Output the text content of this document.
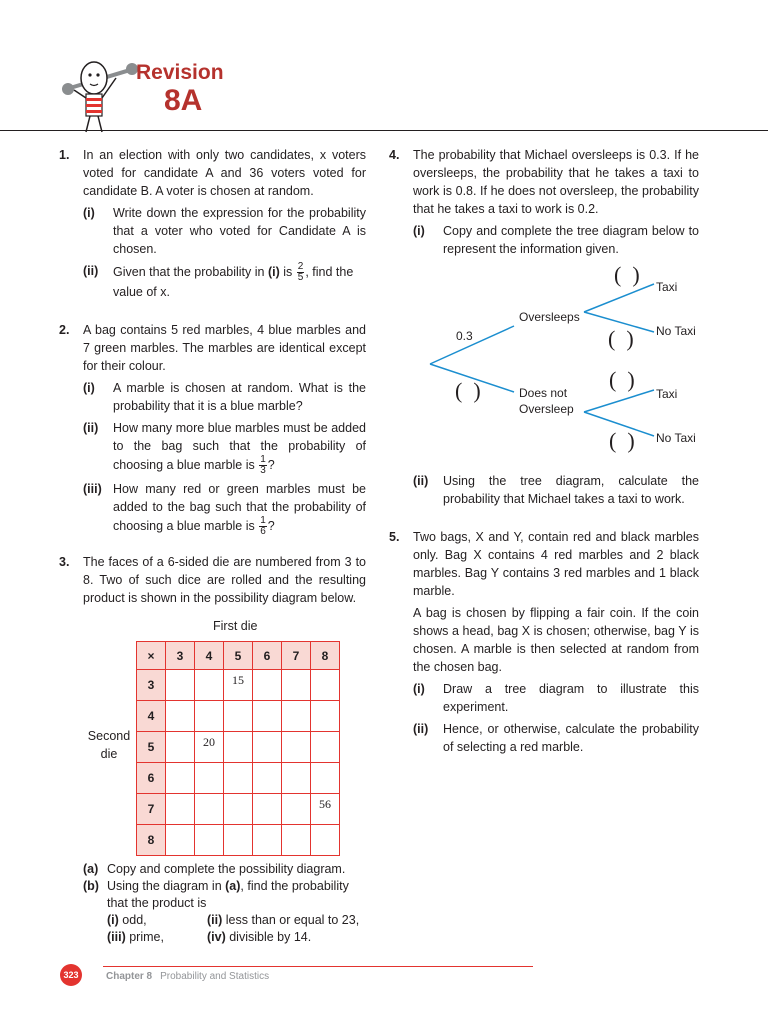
Revision
8A
1. In an election with only two candidates, x voters voted for candidate A and 36 voters voted for candidate B. A voter is chosen at random.
(i) Write down the expression for the probability that a voter who voted for Candidate A is chosen.
(ii) Given that the probability in (i) is $\frac{2}{5}$ , find the value of x.
2. A bag contains 5 red marbles, 4 blue marbles and 7 green marbles. The marbles are identical except for their colour.
(i) A marble is chosen at random. What is the probability that it is a blue marble?
(ii) How many more blue marbles must be added to the bag such that the probability of choosing a blue marble is $\frac{1}{3}$ ?
(iii) How many red or green marbles must be added to the bag such that the probability of choosing a blue marble is $\frac{1}{6}$ ?
3. The faces of a 6-sided die are numbered from 3 to 8. Two of such dice are rolled and the resulting product is shown in the possibility diagram below.
First die
Second
die
×	3	4	5	6	7	8
3			15			
4						
5		20				
6						
7						56
8						
(a) Copy and complete the possibility diagram.
(b) Using the diagram in (a), find the probability that the product is
(i) odd,	(ii) less than or equal to 23,
(iii) prime,	(iv) divisible by 14.
4. The probability that Michael oversleeps is 0.3. If he oversleeps, the probability that he takes a taxi to work is 0.8. If he does not oversleep, the probability that he takes a taxi to work is 0.2.
(i) Copy and complete the tree diagram below to represent the information given.
0.3
Oversleeps
Does not
Oversleep
Taxi
No Taxi
Taxi
No Taxi
(  )
(  )
(  )	(  )
(  )
(ii) Using the tree diagram, calculate the probability that Michael takes a taxi to work.
5. Two bags, X and Y, contain red and black marbles only. Bag X contains 4 red marbles and 2 black marbles. Bag Y contains 3 red marbles and 1 black marble.
A bag is chosen by flipping a fair coin. If the coin shows a head, bag X is chosen; otherwise, bag Y is chosen. A marble is then selected at random from the chosen bag.
(i) Draw a tree diagram to illustrate this experiment.
(ii) Hence, or otherwise, calculate the probability of selecting a red marble.
323	Chapter 8 Probability and Statistics
